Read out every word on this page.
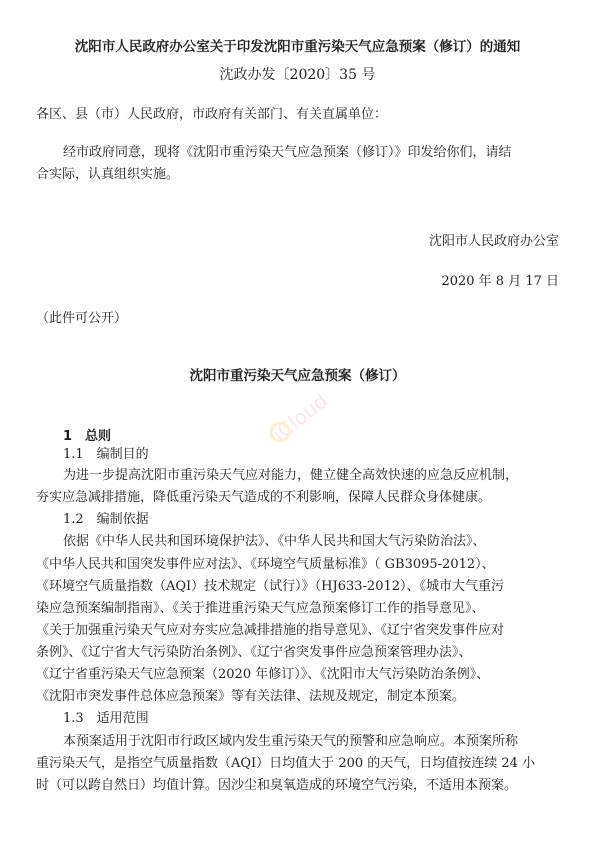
沈阳市人民政府办公室关于印发沈阳市重污染天气应急预案（修订）的通知
沈政办发〔2020〕35 号
各区、县（市）人民政府，市政府有关部门、有关直属单位：
经市政府同意，现将《沈阳市重污染天气应急预案（修订）》印发给你们，请结
合实际，认真组织实施。
沈阳市人民政府办公室
2020 年 8 月 17 日
（此件可公开）
沈阳市重污染天气应急预案（修订）
iCloud
1　总则
1.1　编制目的
为进一步提高沈阳市重污染天气应对能力，健立健全高效快速的应急反应机制，
夯实应急减排措施，降低重污染天气造成的不利影响，保障人民群众身体健康。
1.2　编制依据
依据《中华人民共和国环境保护法》、《中华人民共和国大气污染防治法》、
《中华人民共和国突发事件应对法》、《环境空气质量标准》（ GB3095-2012）、
《环境空气质量指数（AQI）技术规定（试行）》（HJ633-2012）、《城市大气重污
染应急预案编制指南》、《关于推进重污染天气应急预案修订工作的指导意见》、
《关于加强重污染天气应对夯实应急减排措施的指导意见》、《辽宁省突发事件应对
条例》、《辽宁省大气污染防治条例》、《辽宁省突发事件应急预案管理办法》、
《辽宁省重污染天气应急预案（2020 年修订）》、《沈阳市大气污染防治条例》、
《沈阳市突发事件总体应急预案》等有关法律、法规及规定，制定本预案。
1.3　适用范围
本预案适用于沈阳市行政区域内发生重污染天气的预警和应急响应。本预案所称
重污染天气，是指空气质量指数（AQI）日均值大于 200 的天气，日均值按连续 24 小
时（可以跨自然日）均值计算。因沙尘和臭氧造成的环境空气污染，不适用本预案。
